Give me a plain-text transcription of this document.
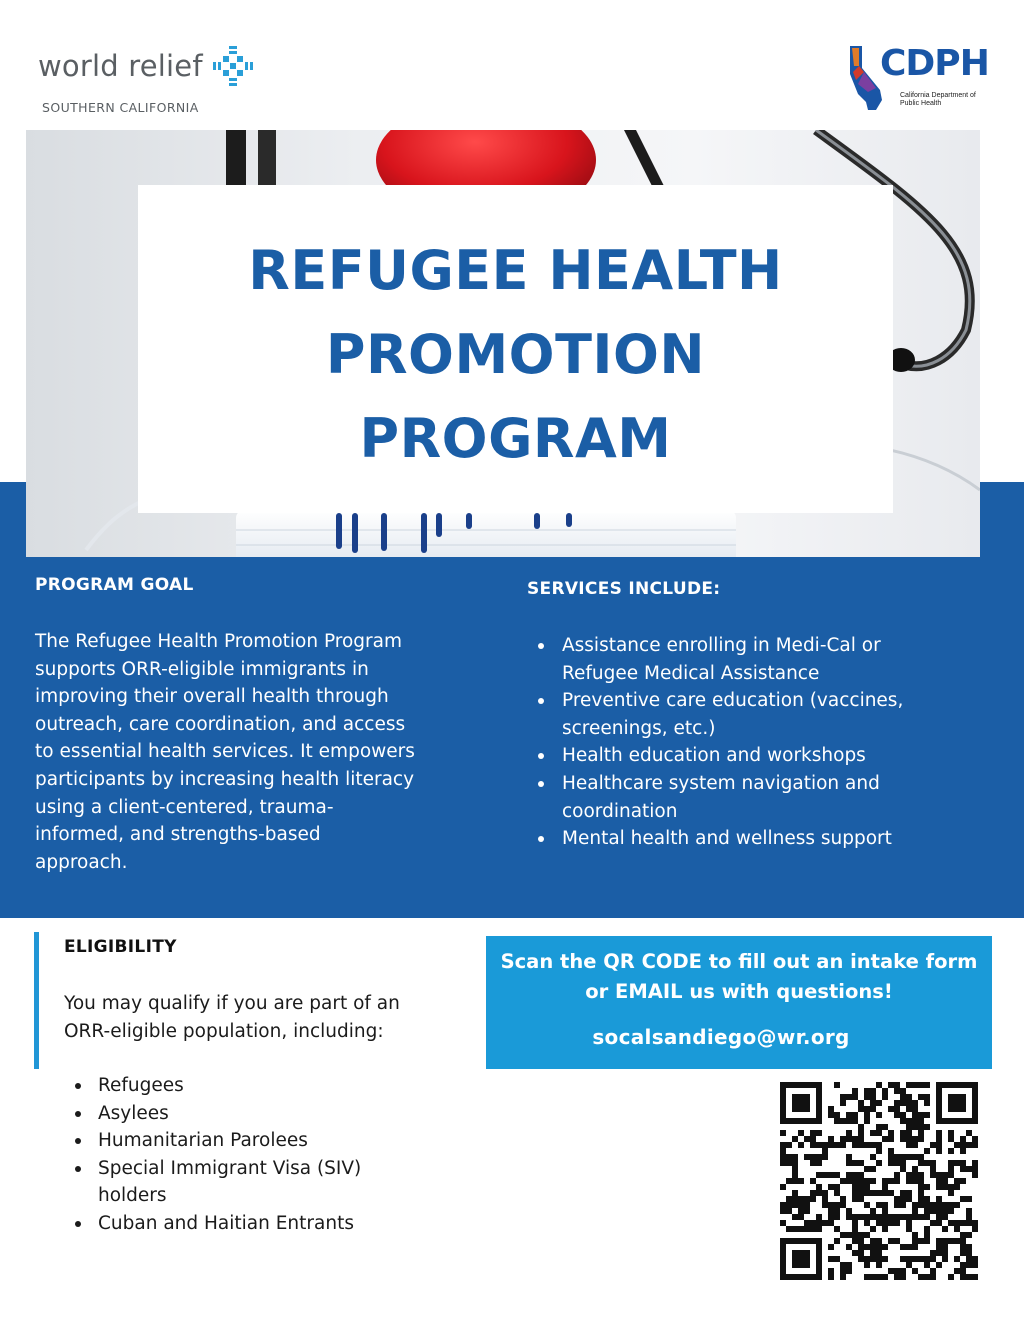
world relief
SOUTHERN CALIFORNIA
CDPH
California Department of
Public Health
REFUGEE HEALTH
PROMOTION
PROGRAM
PROGRAM GOAL
The Refugee Health Promotion Program
supports ORR-eligible immigrants in
improving their overall health through
outreach, care coordination, and access
to essential health services. It empowers
participants by increasing health literacy
using a client-centered, trauma-
informed, and strengths-based
approach.
SERVICES INCLUDE:
Assistance enrolling in Medi-Cal or
Refugee Medical Assistance
Preventive care education (vaccines,
screenings, etc.)
Health education and workshops
Healthcare system navigation and
coordination
Mental health and wellness support
ELIGIBILITY
You may qualify if you are part of an
ORR-eligible population, including:
Refugees
Asylees
Humanitarian Parolees
Special Immigrant Visa (SIV)
holders
Cuban and Haitian Entrants
Scan the QR CODE to fill out an intake form
or EMAIL us with questions!
socalsandiego@wr.org
